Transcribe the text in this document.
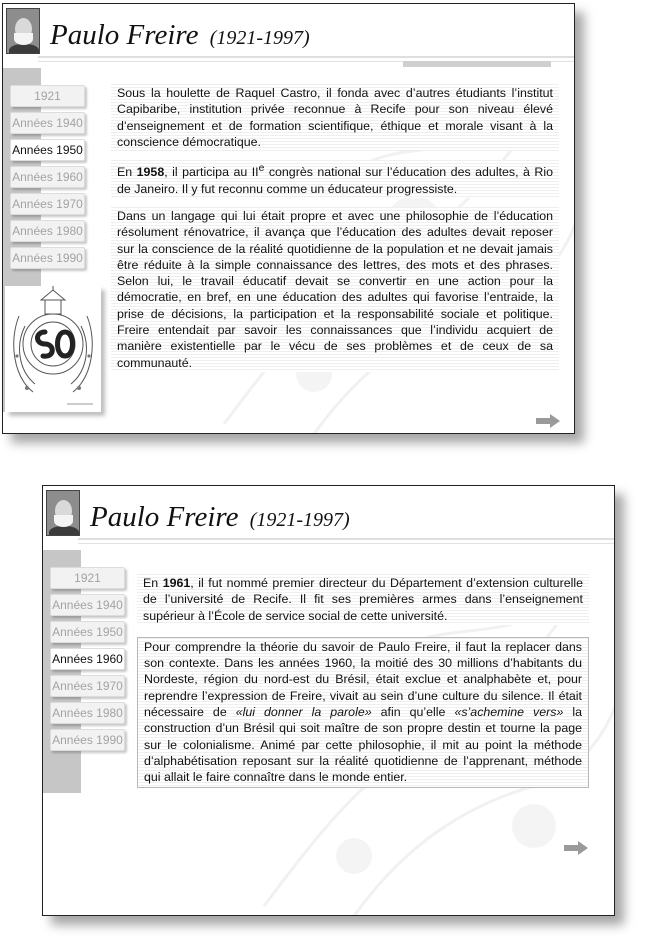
Paulo Freire (1921-1997)
1921
Années 1940
Années 1950
Années 1960
Années 1970
Années 1980
Années 1990

Sous la houlette de Raquel Castro, il fonda avec d’autres étudiants l’institut Capibaribe, institution privée reconnue à Recife pour son niveau élevé d’enseignement et de formation scientifique, éthique et morale visant à la conscience démocratique.

En 1958, il participa au IIe congrès national sur l’éducation des adultes, à Rio de Janeiro. Il y fut reconnu comme un éducateur progressiste.

Dans un langage qui lui était propre et avec une philosophie de l’éducation résolument rénovatrice, il avança que l’éducation des adultes devait reposer sur la conscience de la réalité quotidienne de la population et ne devait jamais être réduite à la simple connaissance des lettres, des mots et des phrases. Selon lui, le travail éducatif devait se convertir en une action pour la démocratie, en bref, en une éducation des adultes qui favorise l’entraide, la prise de décisions, la participation et la responsabilité sociale et politique. Freire entendait par savoir les connaissances que l’individu acquiert de manière existentielle par le vécu de ses problèmes et de ceux de sa communauté.

Paulo Freire (1921-1997)
1921
Années 1940
Années 1950
Années 1960
Années 1970
Années 1980
Années 1990

En 1961, il fut nommé premier directeur du Département d’extension culturelle de l’université de Recife. Il fit ses premières armes dans l’enseignement supérieur à l’École de service social de cette université.

Pour comprendre la théorie du savoir de Paulo Freire, il faut la replacer dans son contexte. Dans les années 1960, la moitié des 30 millions d’habitants du Nordeste, région du nord-est du Brésil, était exclue et analphabète et, pour reprendre l’expression de Freire, vivait au sein d’une culture du silence. Il était nécessaire de «lui donner la parole» afin qu’elle «s’achemine vers» la construction d’un Brésil qui soit maître de son propre destin et tourne la page sur le colonialisme. Animé par cette philosophie, il mit au point la méthode d’alphabétisation reposant sur la réalité quotidienne de l’apprenant, méthode qui allait le faire connaître dans le monde entier.
